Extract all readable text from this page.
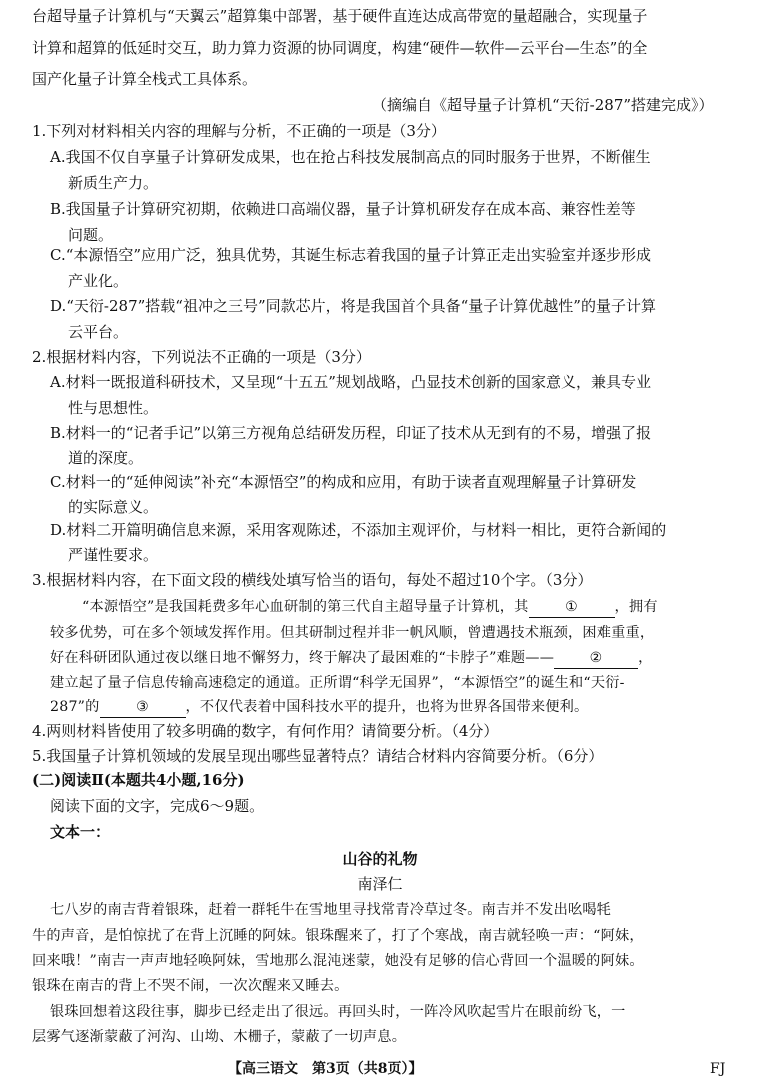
台超导量子计算机与“天翼云”超算集中部署，基于硬件直连达成高带宽的量超融合，实现量子
计算和超算的低延时交互，助力算力资源的协同调度，构建“硬件—软件—云平台—生态”的全
国产化量子计算全栈式工具体系。
（摘编自《超导量子计算机“天衍-287”搭建完成》）
1.下列对材料相关内容的理解与分析，不正确的一项是（3分）
A.我国不仅自享量子计算研发成果，也在抢占科技发展制高点的同时服务于世界，不断催生
新质生产力。
B.我国量子计算研究初期，依赖进口高端仪器，量子计算机研发存在成本高、兼容性差等
问题。
C.“本源悟空”应用广泛，独具优势，其诞生标志着我国的量子计算正走出实验室并逐步形成
产业化。
D.“天衍-287”搭载“祖冲之三号”同款芯片，将是我国首个具备“量子计算优越性”的量子计算
云平台。
2.根据材料内容，下列说法不正确的一项是（3分）
A.材料一既报道科研技术，又呈现“十五五”规划战略，凸显技术创新的国家意义，兼具专业
性与思想性。
B.材料一的“记者手记”以第三方视角总结研发历程，印证了技术从无到有的不易，增强了报
道的深度。
C.材料一的“延伸阅读”补充“本源悟空”的构成和应用，有助于读者直观理解量子计算研发
的实际意义。
D.材料二开篇明确信息来源，采用客观陈述，不添加主观评价，与材料一相比，更符合新闻的
严谨性要求。
3.根据材料内容，在下面文段的横线处填写恰当的语句，每处不超过10个字。（3分）
“本源悟空”是我国耗费多年心血研制的第三代自主超导量子计算机，其	①	，拥有
较多优势，可在多个领域发挥作用。但其研制过程并非一帆风顺，曾遭遇技术瓶颈，困难重重，
好在科研团队通过夜以继日地不懈努力，终于解决了最困难的“卡脖子”难题——	②	，
建立起了量子信息传输高速稳定的通道。正所谓“科学无国界”，“本源悟空”的诞生和“天衍-
287”的	③	，不仅代表着中国科技水平的提升，也将为世界各国带来便利。
4.两则材料皆使用了较多明确的数字，有何作用？请简要分析。（4分）
5.我国量子计算机领域的发展呈现出哪些显著特点？请结合材料内容简要分析。（6分）
(二)阅读Ⅱ(本题共4小题,16分)
阅读下面的文字，完成6～9题。
文本一：
山谷的礼物
南泽仁
七八岁的南吉背着银珠，赶着一群牦牛在雪地里寻找常青冷草过冬。南吉并不发出吆喝牦
牛的声音，是怕惊扰了在背上沉睡的阿妹。银珠醒来了，打了个寒战，南吉就轻唤一声：“阿妹，
回来哦！”南吉一声声地轻唤阿妹，雪地那么混沌迷蒙，她没有足够的信心背回一个温暖的阿妹。
银珠在南吉的背上不哭不闹，一次次醒来又睡去。
银珠回想着这段往事，脚步已经走出了很远。再回头时，一阵冷风吹起雪片在眼前纷飞，一
层雾气逐渐蒙蔽了河沟、山坳、木栅子，蒙蔽了一切声息。
【高三语文　第3页（共8页）】	FJ
